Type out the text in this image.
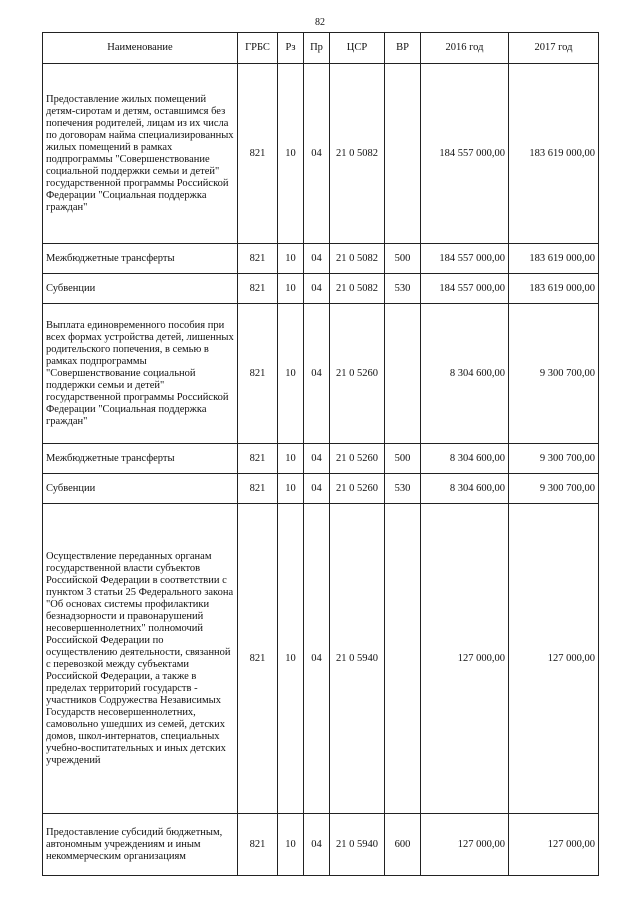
82
Наименование	ГРБС	Рз	Пр	ЦСР	ВР	2016 год	2017 год
Предоставление жилых помещений детям-сиротам и детям, оставшимся без попечения родителей, лицам из их числа по договорам найма специализированных жилых помещений в рамках подпрограммы "Совершенствование социальной поддержки семьи и детей" государственной программы Российской Федерации "Социальная поддержка граждан"	821	10	04	21 0 5082		184 557 000,00	183 619 000,00
Межбюджетные трансферты	821	10	04	21 0 5082	500	184 557 000,00	183 619 000,00
Субвенции	821	10	04	21 0 5082	530	184 557 000,00	183 619 000,00
Выплата единовременного пособия при всех формах устройства детей, лишенных родительского попечения, в семью в рамках подпрограммы "Совершенствование социальной поддержки семьи и детей" государственной программы Российской Федерации "Социальная поддержка граждан"	821	10	04	21 0 5260		8 304 600,00	9 300 700,00
Межбюджетные трансферты	821	10	04	21 0 5260	500	8 304 600,00	9 300 700,00
Субвенции	821	10	04	21 0 5260	530	8 304 600,00	9 300 700,00
Осуществление переданных органам государственной власти субъектов Российской Федерации в соответствии с пунктом 3 статьи 25 Федерального закона "Об основах системы профилактики безнадзорности и правонарушений несовершеннолетних" полномочий Российской Федерации по осуществлению деятельности, связанной с перевозкой между субъектами Российской Федерации, а также в пределах территорий государств - участников Содружества Независимых Государств несовершеннолетних, самовольно ушедших из семей, детских домов, школ-интернатов, специальных учебно-воспитательных и иных детских учреждений	821	10	04	21 0 5940		127 000,00	127 000,00
Предоставление субсидий бюджетным, автономным учреждениям и иным некоммерческим организациям	821	10	04	21 0 5940	600	127 000,00	127 000,00
